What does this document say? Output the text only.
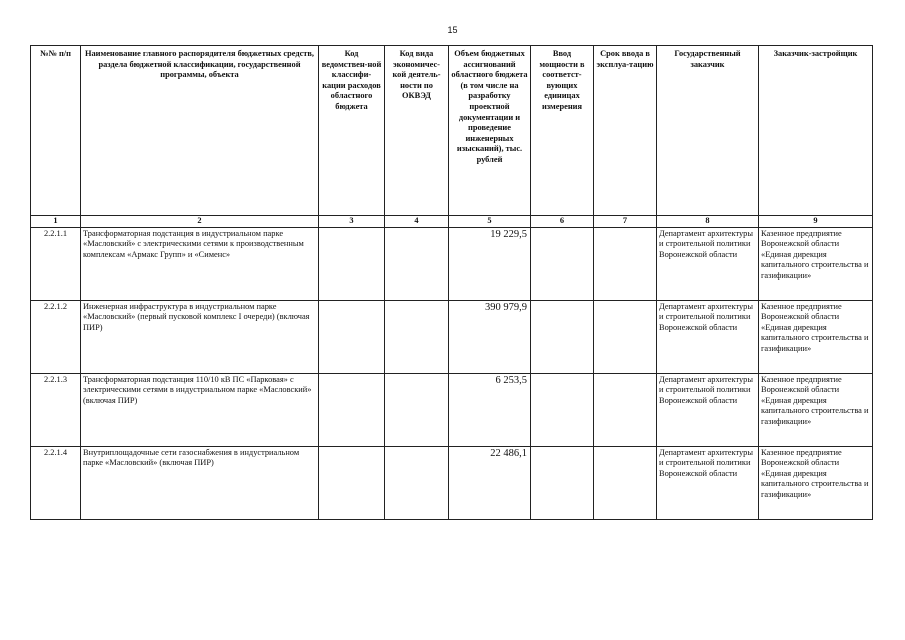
15
№№ п/п	Наименование главного распорядителя бюджетных средств, раздела бюджетной классификации, государственной программы, объекта	Код ведомствен-ной классифи-кации расходов областного бюджета	Код вида экономичес-кой деятель-ности по ОКВЭД	Объем бюджетных ассигнований областного бюджета (в том числе на разработку проектной документации и проведение инженерных изысканий), тыс. рублей	Ввод мощности в соответст-вующих единицах измерения	Срок ввода в эксплуа-тацию	Государственный заказчик	Заказчик-застройщик
1	2	3	4	5	6	7	8	9
2.2.1.1	Трансформаторная подстанция в индустриальном парке «Масловский» с электрическими сетями к производственным комплексам «Армакс Групп» и «Сименс»			19 229,5			Департамент архитектуры и строительной политики Воронежской области	Казенное предприятие Воронежской области «Единая дирекция капитального строительства и газификации»
2.2.1.2	Инженерная инфраструктура в индустриальном парке «Масловский» (первый пусковой комплекс I очереди) (включая ПИР)			390 979,9			Департамент архитектуры и строительной политики Воронежской области	Казенное предприятие Воронежской области «Единая дирекция капитального строительства и газификации»
2.2.1.3	Трансформаторная подстанция 110/10 кВ ПС «Парковая» с электрическими сетями в индустриальном парке «Масловский» (включая ПИР)			6 253,5			Департамент архитектуры и строительной политики Воронежской области	Казенное предприятие Воронежской области «Единая дирекция капитального строительства и газификации»
2.2.1.4	Внутриплощадочные сети газоснабжения в индустриальном парке «Масловский» (включая ПИР)			22 486,1			Департамент архитектуры и строительной политики Воронежской области	Казенное предприятие Воронежской области «Единая дирекция капитального строительства и газификации»
